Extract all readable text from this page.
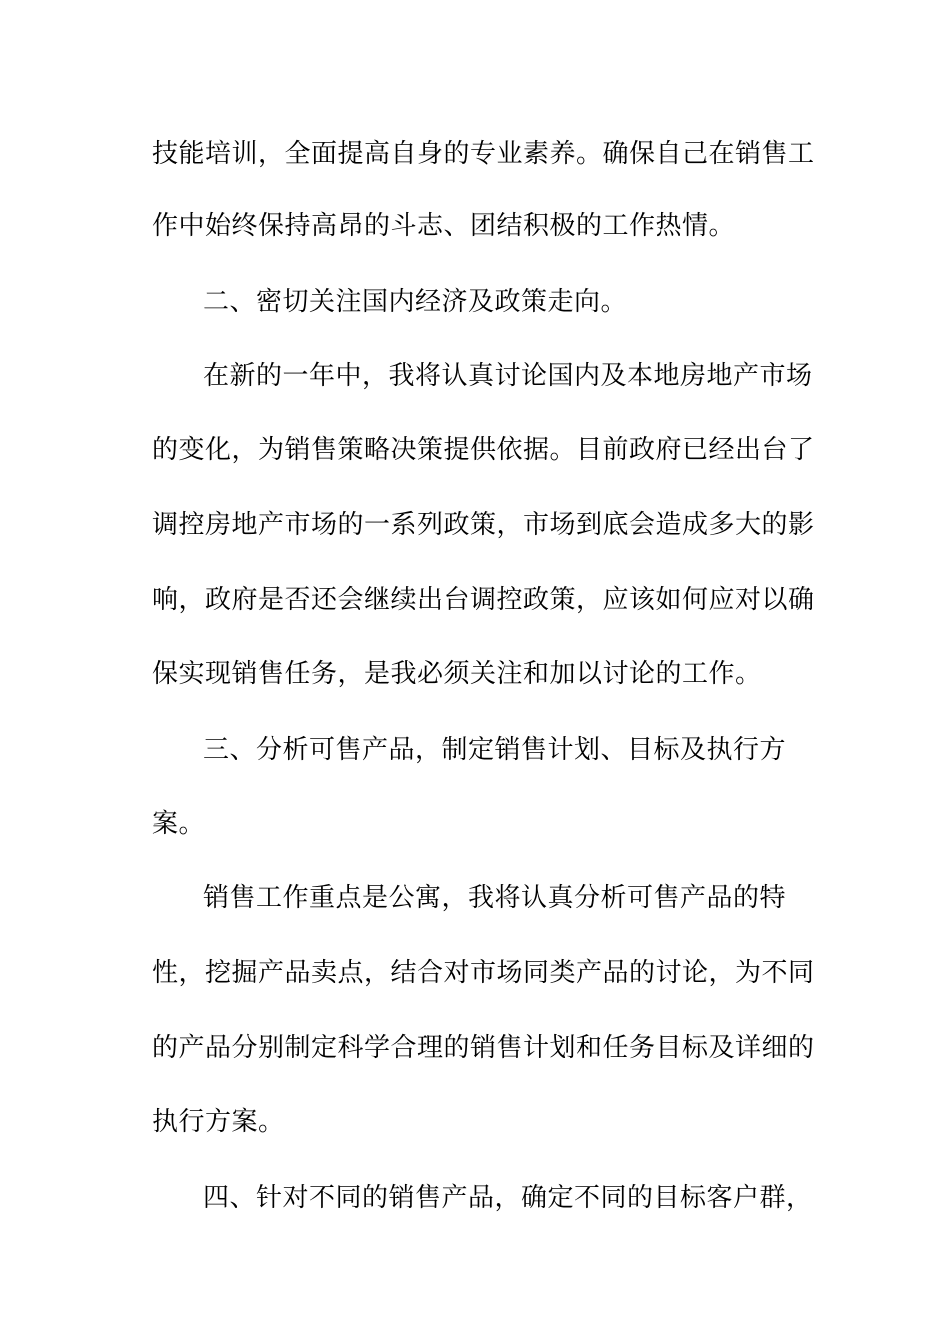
技能培训，全面提高自身的专业素养。确保自己在销售工
作中始终保持高昂的斗志、团结积极的工作热情。
二、密切关注国内经济及政策走向。
在新的一年中，我将认真讨论国内及本地房地产市场
的变化，为销售策略决策提供依据。目前政府已经出台了
调控房地产市场的一系列政策，市场到底会造成多大的影
响，政府是否还会继续出台调控政策，应该如何应对以确
保实现销售任务，是我必须关注和加以讨论的工作。
三、分析可售产品，制定销售计划、目标及执行方
案。
销售工作重点是公寓，我将认真分析可售产品的特
性，挖掘产品卖点，结合对市场同类产品的讨论，为不同
的产品分别制定科学合理的销售计划和任务目标及详细的
执行方案。
四、针对不同的销售产品，确定不同的目标客户群，
